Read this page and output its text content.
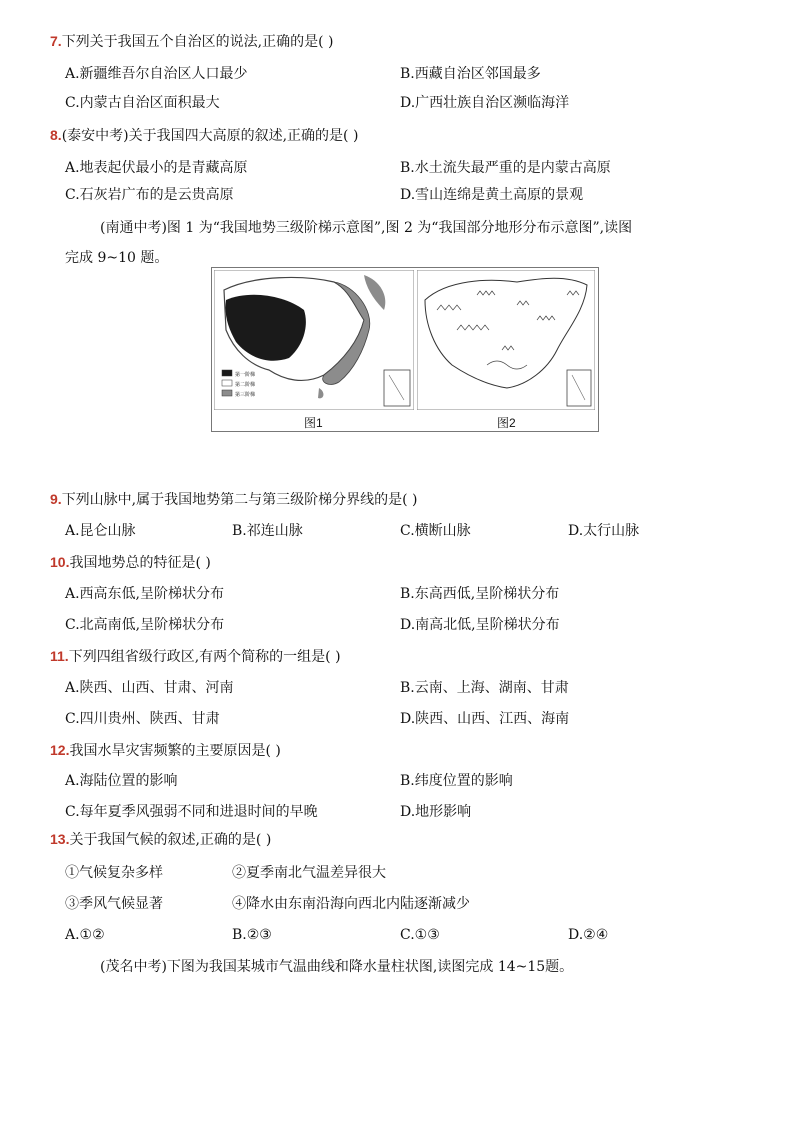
7.下列关于我国五个自治区的说法,正确的是( )
A.新疆维吾尔自治区人口最少	B.西藏自治区邻国最多
C.内蒙古自治区面积最大	D.广西壮族自治区濒临海洋
8.(泰安中考)关于我国四大高原的叙述,正确的是( )
A.地表起伏最小的是青藏高原	B.水土流失最严重的是内蒙古高原
C.石灰岩广布的是云贵高原	D.雪山连绵是黄土高原的景观
(南通中考)图 1 为“我国地势三级阶梯示意图”,图 2 为“我国部分地形分布示意图”,读图
完成 9~10 题。
第一阶梯
第二阶梯
第三阶梯
图1	图2
9.下列山脉中,属于我国地势第二与第三级阶梯分界线的是( )
A.昆仑山脉	B.祁连山脉	C.横断山脉	D.太行山脉
10.我国地势总的特征是( )
A.西高东低,呈阶梯状分布	B.东高西低,呈阶梯状分布
C.北高南低,呈阶梯状分布	D.南高北低,呈阶梯状分布
11.下列四组省级行政区,有两个简称的一组是( )
A.陕西、山西、甘肃、河南	B.云南、上海、湖南、甘肃
C.四川贵州、陕西、甘肃	D.陕西、山西、江西、海南
12.我国水旱灾害频繁的主要原因是( )
A.海陆位置的影响	B.纬度位置的影响
C.每年夏季风强弱不同和进退时间的早晚	D.地形影响
13.关于我国气候的叙述,正确的是( )
①气候复杂多样	②夏季南北气温差异很大
③季风气候显著	④降水由东南沿海向西北内陆逐渐减少
A.①②	B.②③	C.①③	D.②④
(茂名中考)下图为我国某城市气温曲线和降水量柱状图,读图完成 14~15题。
